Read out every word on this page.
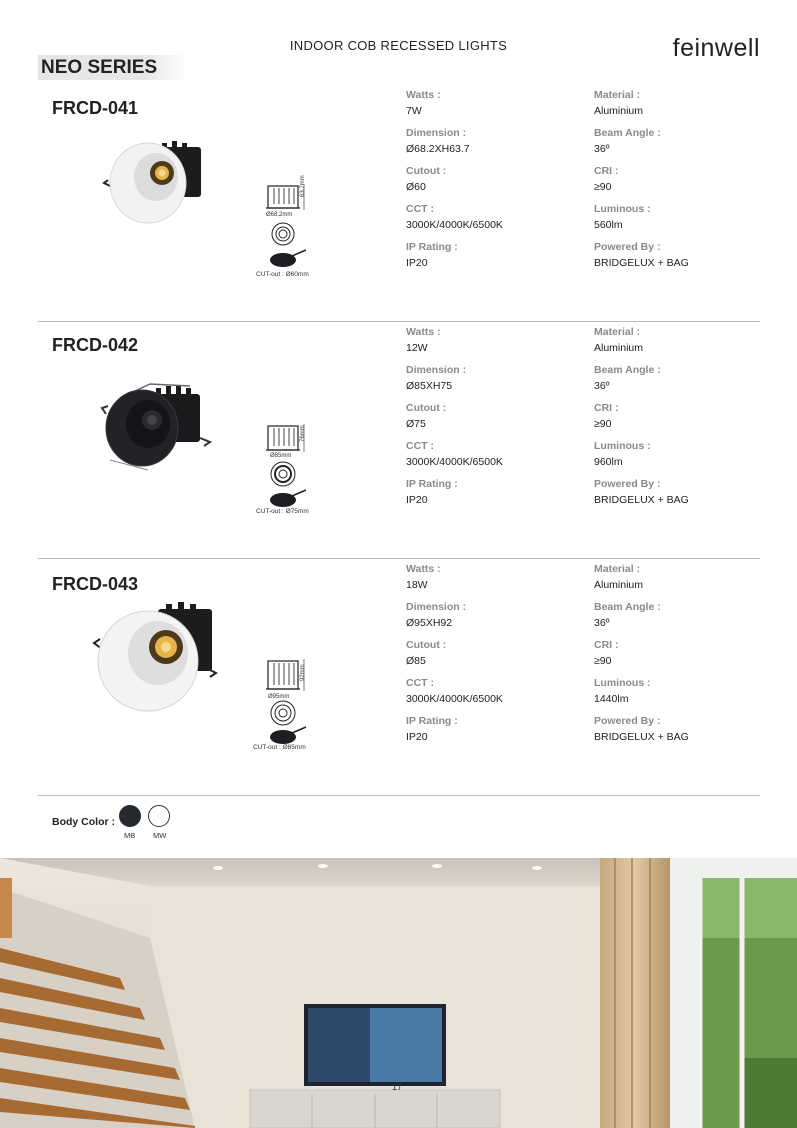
INDOOR COB RECESSED LIGHTS	feinwell
NEO SERIES
FRCD-041
Ø68.2mm
63.7mm
CUT-out : Ø60mm
Watts :
7W
Dimension :
Ø68.2XH63.7
Cutout :
Ø60
CCT :
3000K/4000K/6500K
IP Rating :
IP20
Material :
Aluminium
Beam Angle :
36º
CRI :
≥90
Luminous :
560lm
Powered By :
BRIDGELUX + BAG
FRCD-042
Ø85mm
76mm
CUT-out : Ø75mm
Watts :
12W
Dimension :
Ø85XH75
Cutout :
Ø75
CCT :
3000K/4000K/6500K
IP Rating :
IP20
Material :
Aluminium
Beam Angle :
36º
CRI :
≥90
Luminous :
960lm
Powered By :
BRIDGELUX + BAG
FRCD-043
Ø95mm
92mm
CUT-out : Ø85mm
Watts :
18W
Dimension :
Ø95XH92
Cutout :
Ø85
CCT :
3000K/4000K/6500K
IP Rating :
IP20
Material :
Aluminium
Beam Angle :
36º
CRI :
≥90
Luminous :
1440lm
Powered By :
BRIDGELUX + BAG
Body Color :
MB MW
17
